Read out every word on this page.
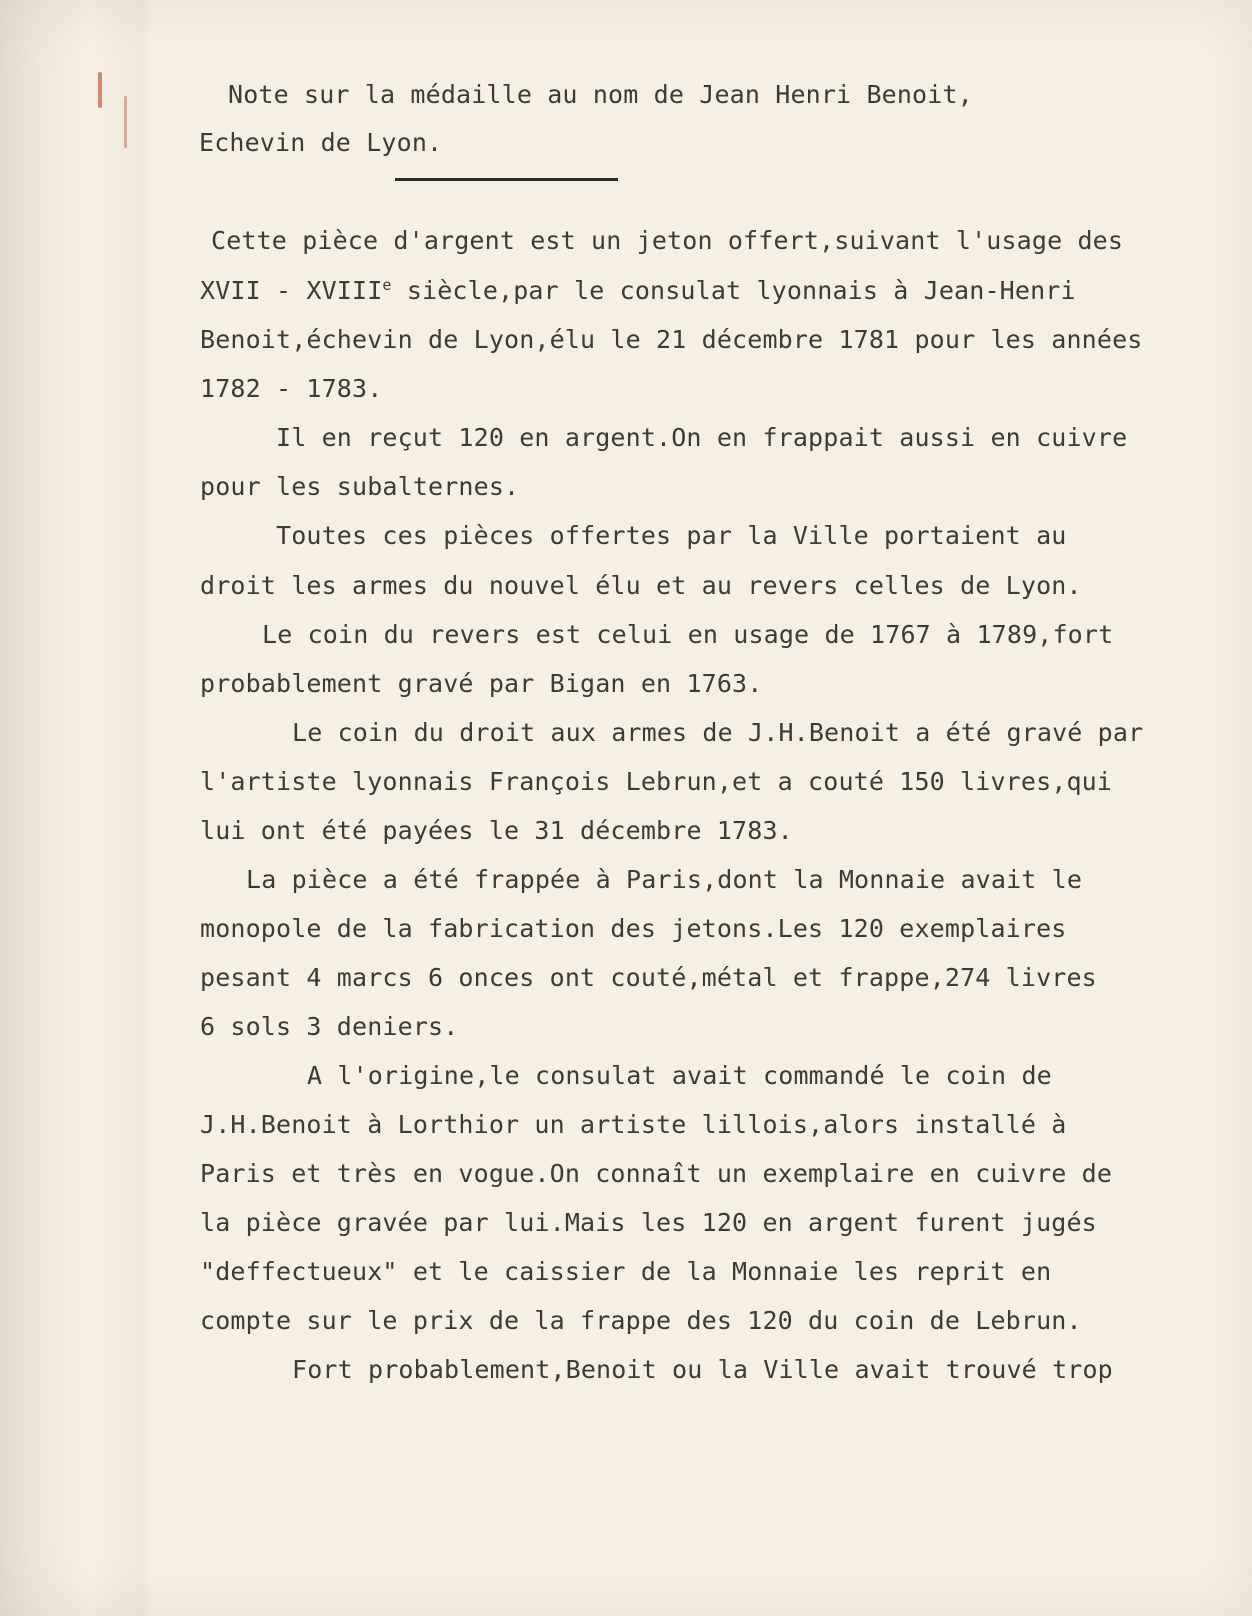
Note sur la médaille au nom de Jean Henri Benoit,
Echevin de Lyon.
Cette pièce d'argent est un jeton offert,suivant l'usage des
XVII - XVIIIe siècle,par le consulat lyonnais à Jean-Henri
Benoit,échevin de Lyon,élu le 21 décembre 1781 pour les années
1782 - 1783.
Il en reçut 120 en argent.On en frappait aussi en cuivre
pour les subalternes.
Toutes ces pièces offertes par la Ville portaient au
droit les armes du nouvel élu et au revers celles de Lyon.
Le coin du revers est celui en usage de 1767 à 1789,fort
probablement gravé par Bigan en 1763.
Le coin du droit aux armes de J.H.Benoit a été gravé par
l'artiste lyonnais François Lebrun,et a couté 150 livres,qui
lui ont été payées le 31 décembre 1783.
La pièce a été frappée à Paris,dont la Monnaie avait le
monopole de la fabrication des jetons.Les 120 exemplaires
pesant 4 marcs 6 onces ont couté,métal et frappe,274 livres
6 sols 3 deniers.
A l'origine,le consulat avait commandé le coin de
J.H.Benoit à Lorthior un artiste lillois,alors installé à
Paris et très en vogue.On connaît un exemplaire en cuivre de
la pièce gravée par lui.Mais les 120 en argent furent jugés
"deffectueux" et le caissier de la Monnaie les reprit en
compte sur le prix de la frappe des 120 du coin de Lebrun.
Fort probablement,Benoit ou la Ville avait trouvé trop
